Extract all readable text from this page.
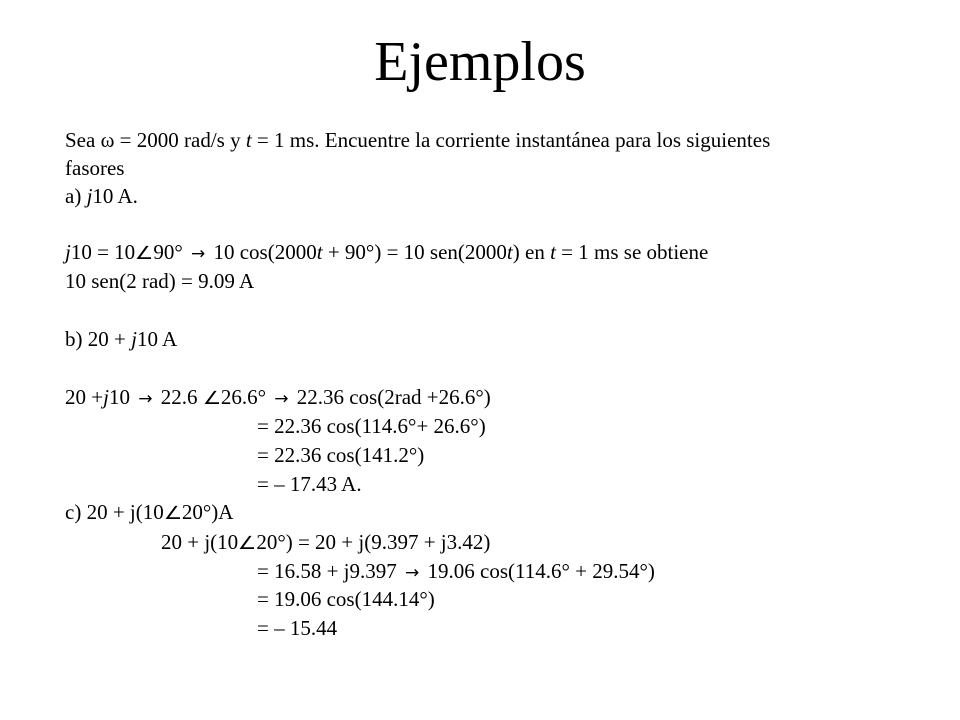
Ejemplos
Sea ω = 2000 rad/s y t = 1 ms. Encuentre la corriente instantánea para los siguientes
fasores
a) j10 A.
j10 = 10∠90° → 10 cos(2000t + 90°) = 10 sen(2000t) en t = 1 ms se obtiene
10 sen(2 rad) = 9.09 A
b) 20 + j10 A
20 +j10 → 22.6 ∠26.6° → 22.36 cos(2rad +26.6°)
= 22.36 cos(114.6°+ 26.6°)
= 22.36 cos(141.2°)
= – 17.43 A.
c) 20 + j(10∠20°)A
20 + j(10∠20°) = 20 + j(9.397 + j3.42)
= 16.58 + j9.397 → 19.06 cos(114.6° + 29.54°)
= 19.06 cos(144.14°)
= – 15.44
